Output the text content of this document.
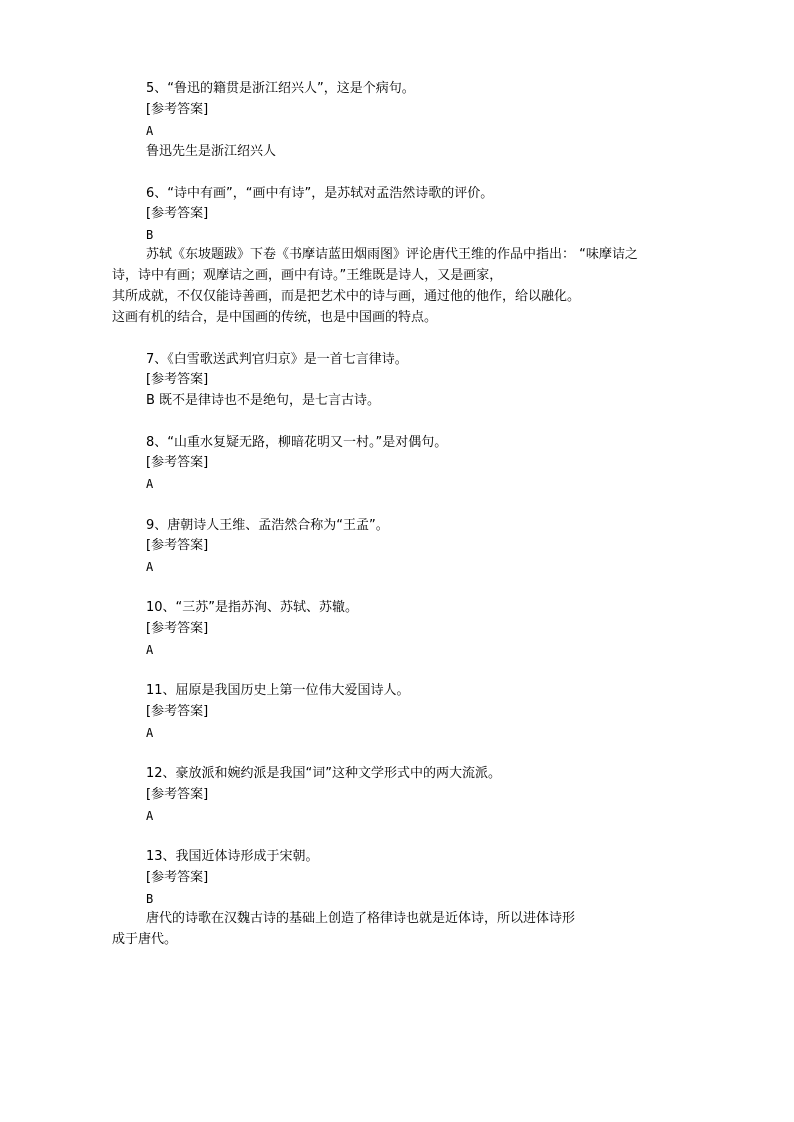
5、“鲁迅的籍贯是浙江绍兴人”，这是个病句。
[参考答案]
A
鲁迅先生是浙江绍兴人
6、“诗中有画”，“画中有诗”，是苏轼对孟浩然诗歌的评价。
[参考答案]
B
苏轼《东坡题跋》下卷《书摩诘蓝田烟雨图》评论唐代王维的作品中指出： “味摩诘之
诗，诗中有画；观摩诘之画，画中有诗。”王维既是诗人，又是画家，
其所成就，不仅仅能诗善画，而是把艺术中的诗与画，通过他的他作，给以融化。
这画有机的结合，是中国画的传统，也是中国画的特点。
7、《白雪歌送武判官归京》是一首七言律诗。
[参考答案]
B 既不是律诗也不是绝句，是七言古诗。
8、“山重水复疑无路，柳暗花明又一村。”是对偶句。
[参考答案]
A
9、唐朝诗人王维、孟浩然合称为“王孟”。
[参考答案]
A
10、“三苏”是指苏洵、苏轼、苏辙。
[参考答案]
A
11、屈原是我国历史上第一位伟大爱国诗人。
[参考答案]
A
12、豪放派和婉约派是我国“词”这种文学形式中的两大流派。
[参考答案]
A
13、我国近体诗形成于宋朝。
[参考答案]
B
唐代的诗歌在汉魏古诗的基础上创造了格律诗也就是近体诗，所以进体诗形
成于唐代。
